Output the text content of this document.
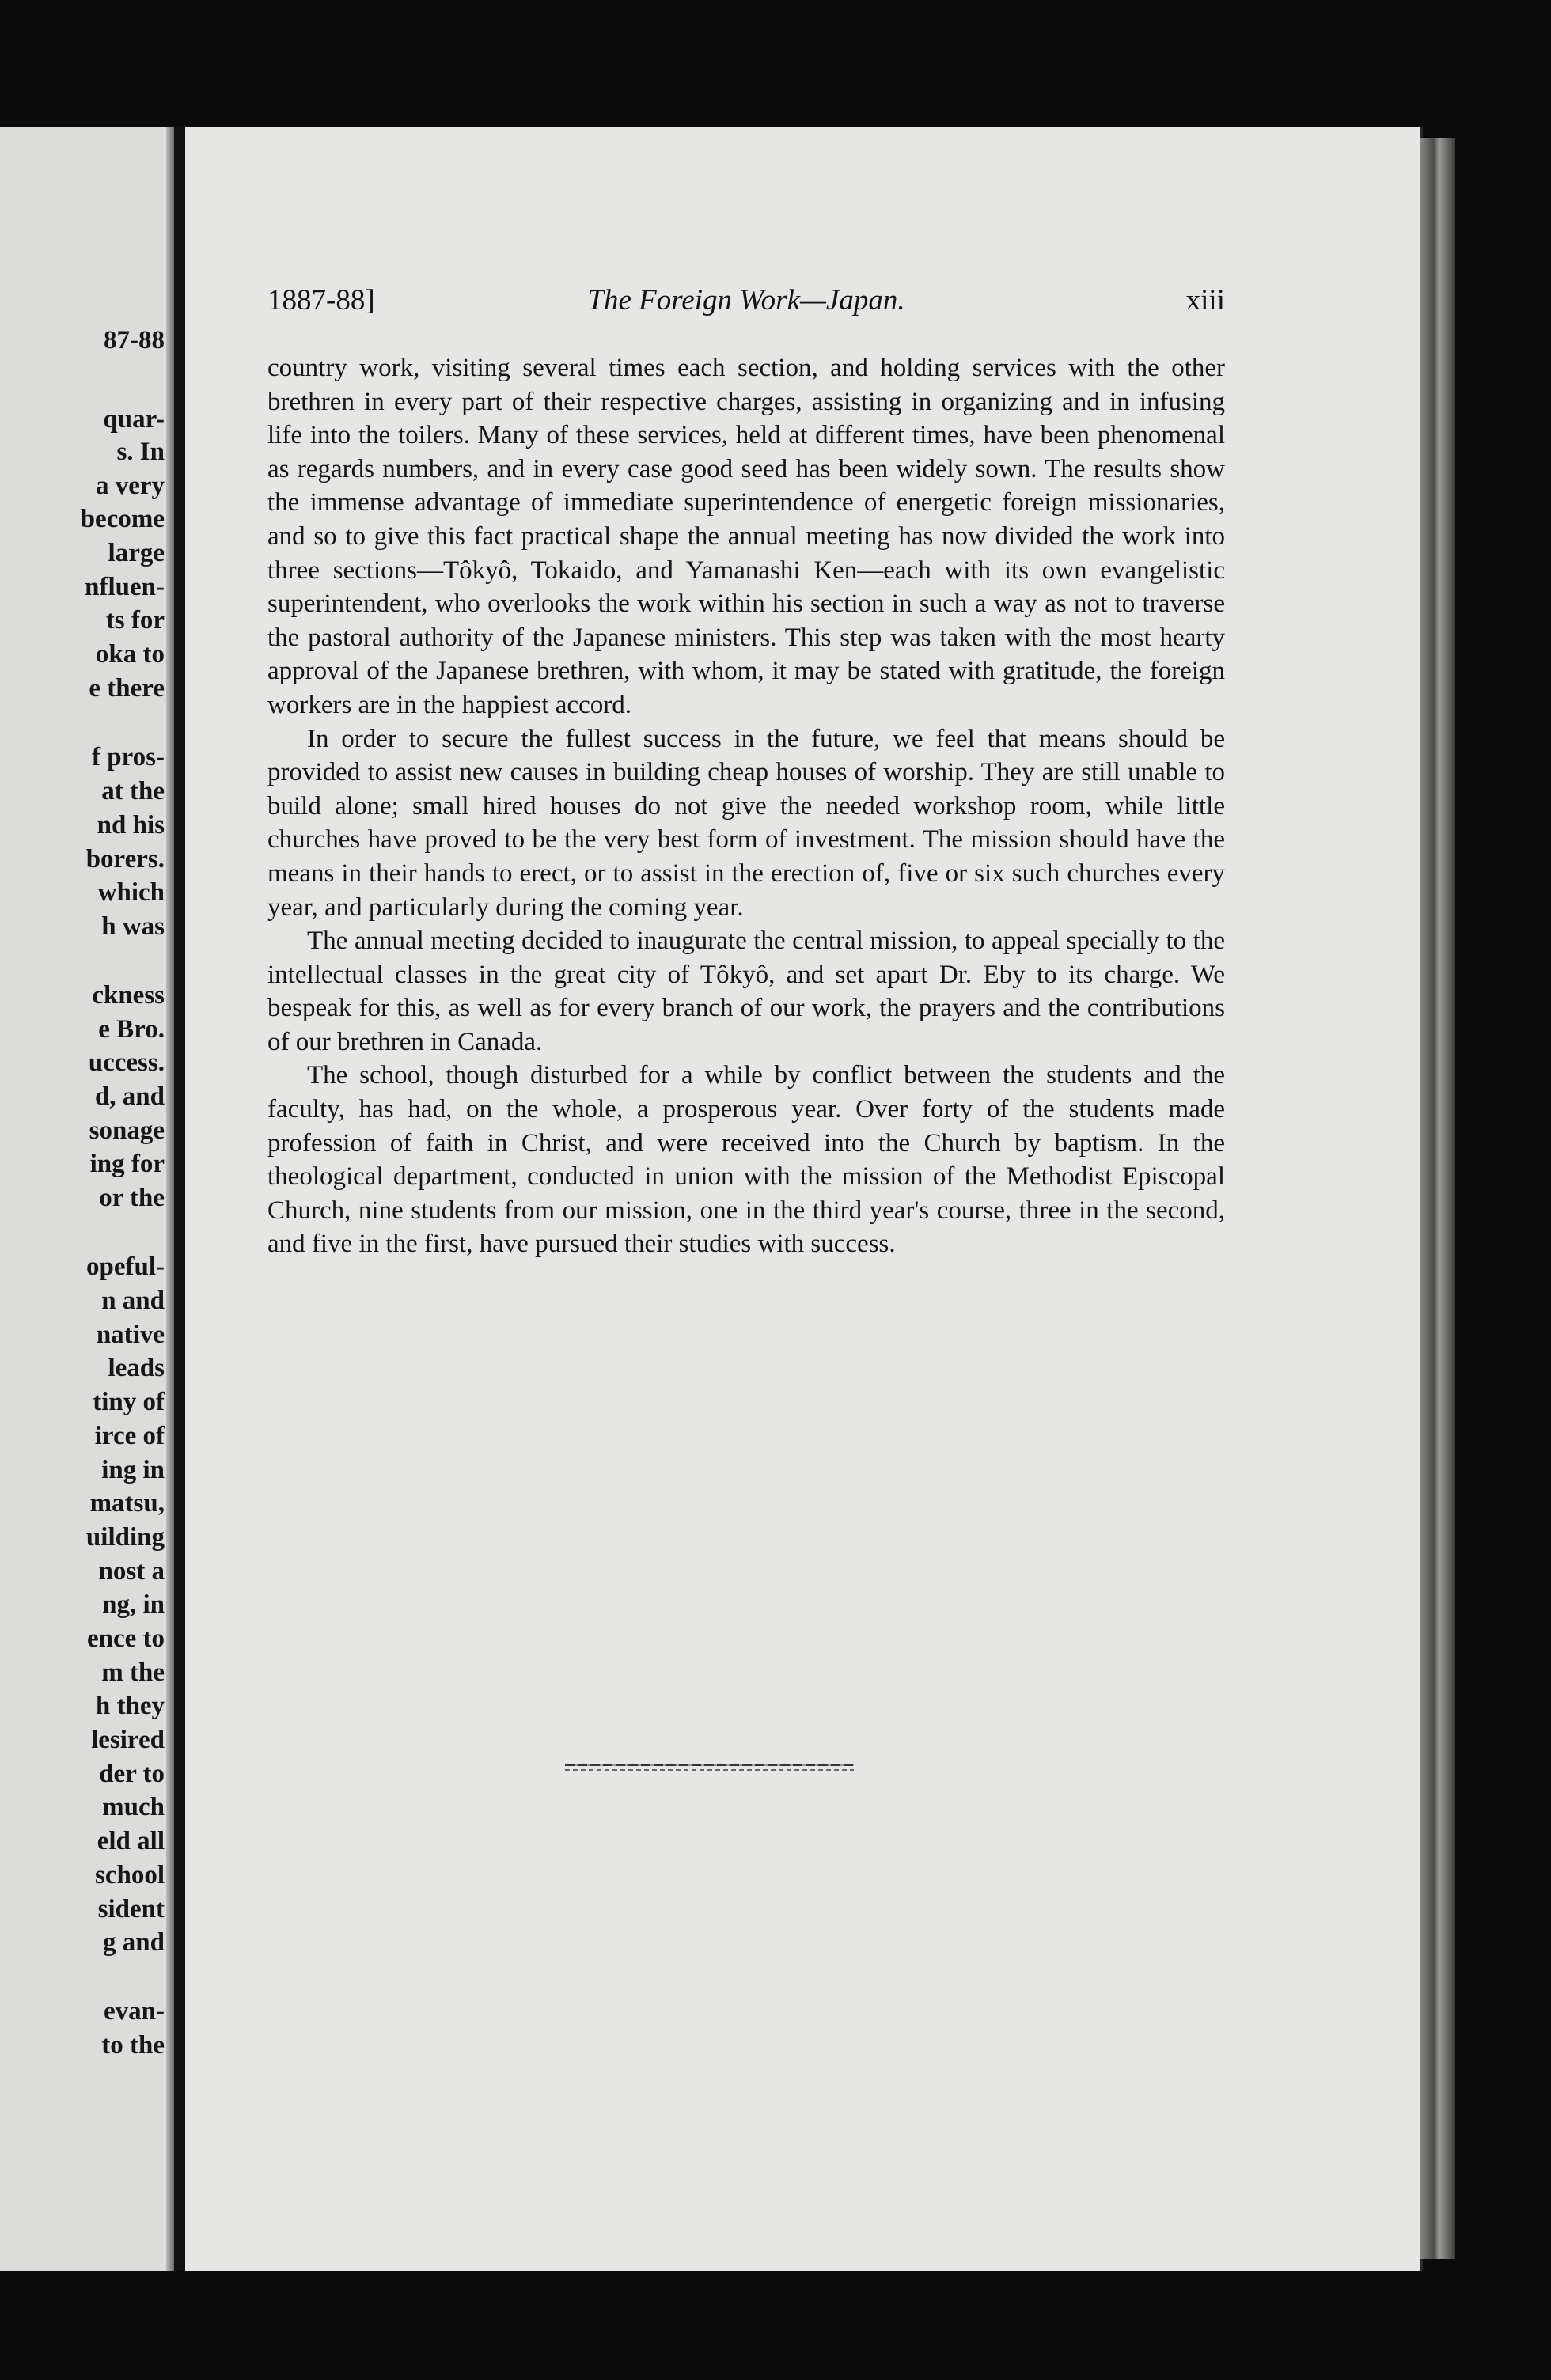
87-88
quar-
s. In
a very
become
large
nfluen-
ts for
oka to
e there
f pros-
at the
nd his
borers.
which
h was
ckness
e Bro.
uccess.
d, and
sonage
ing for
or the
opeful-
n and
native
leads
tiny of
irce of
ing in
matsu,
uilding
nost a
ng, in
ence to
m the
h they
lesired
der to
much
eld all
school
sident
g and
evan-
to the
1887-88]	The Foreign Work—Japan.	xiii

country work, visiting several times each section, and holding services with the other brethren in every part of their respective charges, assisting in organizing and in infusing life into the toilers. Many of these services, held at different times, have been phenomenal as regards numbers, and in every case good seed has been widely sown. The results show the immense advantage of immediate superintendence of energetic foreign missionaries, and so to give this fact practical shape the annual meeting has now divided the work into three sections—Tôkyô, Tokaido, and Yamanashi Ken—each with its own evangelistic superintendent, who overlooks the work within his section in such a way as not to traverse the pastoral authority of the Japanese ministers. This step was taken with the most hearty approval of the Japanese brethren, with whom, it may be stated with gratitude, the foreign workers are in the happiest accord.

In order to secure the fullest success in the future, we feel that means should be provided to assist new causes in building cheap houses of worship. They are still unable to build alone; small hired houses do not give the needed workshop room, while little churches have proved to be the very best form of investment. The mission should have the means in their hands to erect, or to assist in the erection of, five or six such churches every year, and particularly during the coming year.

The annual meeting decided to inaugurate the central mission, to appeal specially to the intellectual classes in the great city of Tôkyô, and set apart Dr. Eby to its charge. We bespeak for this, as well as for every branch of our work, the prayers and the contributions of our brethren in Canada.

The school, though disturbed for a while by conflict between the students and the faculty, has had, on the whole, a prosperous year. Over forty of the students made profession of faith in Christ, and were received into the Church by baptism. In the theological department, conducted in union with the mission of the Methodist Episcopal Church, nine students from our mission, one in the third year's course, three in the second, and five in the first, have pursued their studies with success.
